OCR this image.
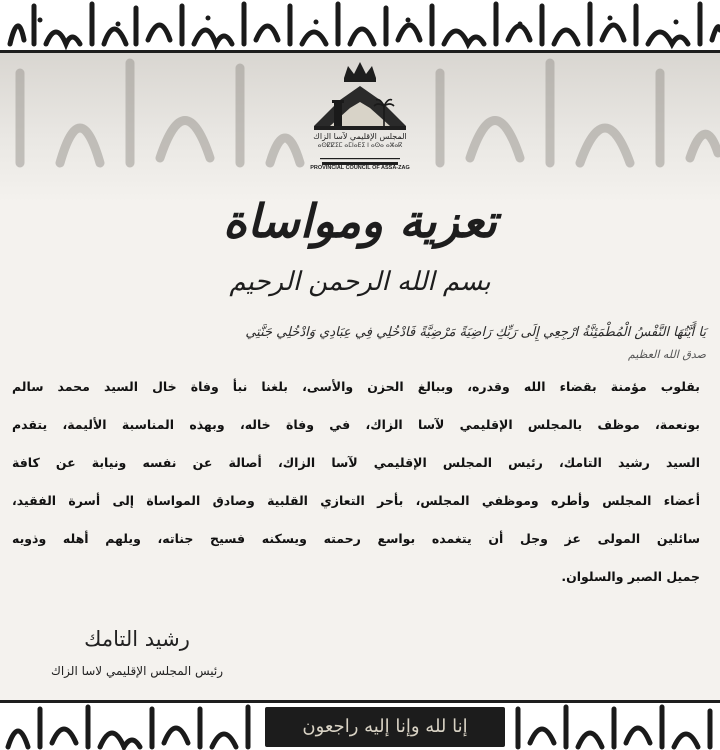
المجلس الإقليمي لآسا الزاك
ⴰⵙⵇⵇⵉⵎ ⴰⵎⵏⴰⴹⵉ ⵏ ⴰⵙⴰ ⴰⵣⴰⴽ
PROVINCIAL COUNCIL OF ASSA-ZAG
تعزية ومواساة
بسم الله الرحمن الرحيم
يَا أَيَّتُهَا النَّفْسُ الْمُطْمَئِنَّةُ ارْجِعِي إِلَى رَبِّكِ رَاضِيَةً مَرْضِيَّةً فَادْخُلِي فِي عِبَادِي وَادْخُلِي جَنَّتِي
صدق الله العظيم
بقلوب مؤمنة بقضاء الله وقدره، وببالغ الحزن والأسى، بلغنا نبأ وفاة خال السيد محمد سالم
بونعمة، موظف بالمجلس الإقليمي لآسا الزاك، في وفاة خاله، وبهذه المناسبة الأليمة، يتقدم
السيد رشيد التامك، رئيس المجلس الإقليمي لآسا الزاك، أصالة عن نفسه ونيابة عن كافة
أعضاء المجلس وأطره وموظفي المجلس، بأحر التعازي القلبية وصادق المواساة إلى أسرة الفقيد،
سائلين المولى عز وجل أن يتغمده بواسع رحمته ويسكنه فسيح جناته، ويلهم أهله وذويه
جميل الصبر والسلوان.
رشيد التامك
رئيس المجلس الإقليمي لاسا الزاك
إنا لله وإنا إليه راجعون
